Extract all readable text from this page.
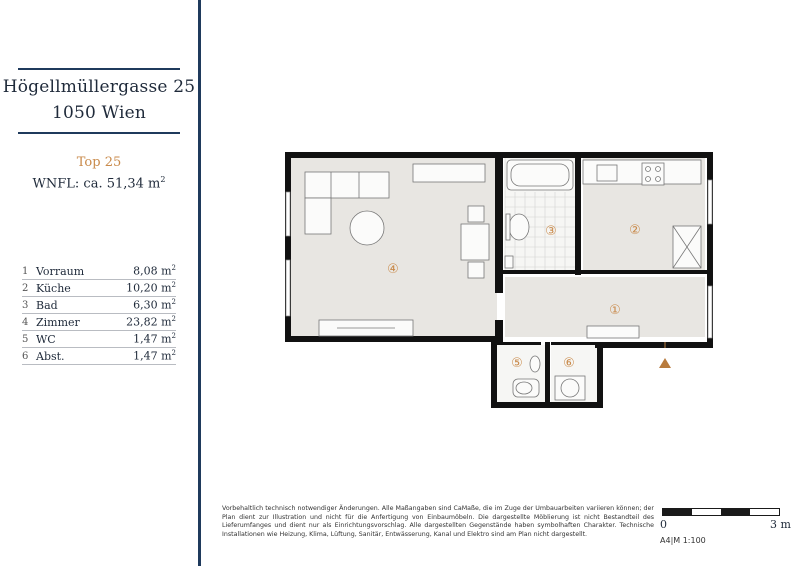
Högellmüllergasse 25
1050 Wien
Top 25
WNFL: ca. 51,34 $m^2$
1 Vorraum	8,08 $m^2$
2 Küche	10,20 $m^2$
3 Bad	6,30 $m^2$
4 Zimmer	23,82 $m^2$
5 WC	1,47 $m^2$
6 Abst.	1,47 $m^2$
④
③	②
①
⑤	⑥
Vorbehaltlich technisch notwendiger Änderungen. Alle Maßangaben sind CaMaße, die im Zuge der Umbauarbeiten variieren können; der Plan dient zur Illustration und nicht für die Anfertigung von Einbaumöbeln. Die dargestellte Möblierung ist nicht Bestandteil des Lieferumfanges und dient nur als Einrichtungsvorschlag. Alle dargestellten Gegenstände haben symbolhaften Charakter. Technische Installationen wie Heizung, Klima, Lüftung, Sanitär, Entwässerung, Kanal und Elektro sind am Plan nicht dargestellt.
0	3 m
A4|M 1:100
